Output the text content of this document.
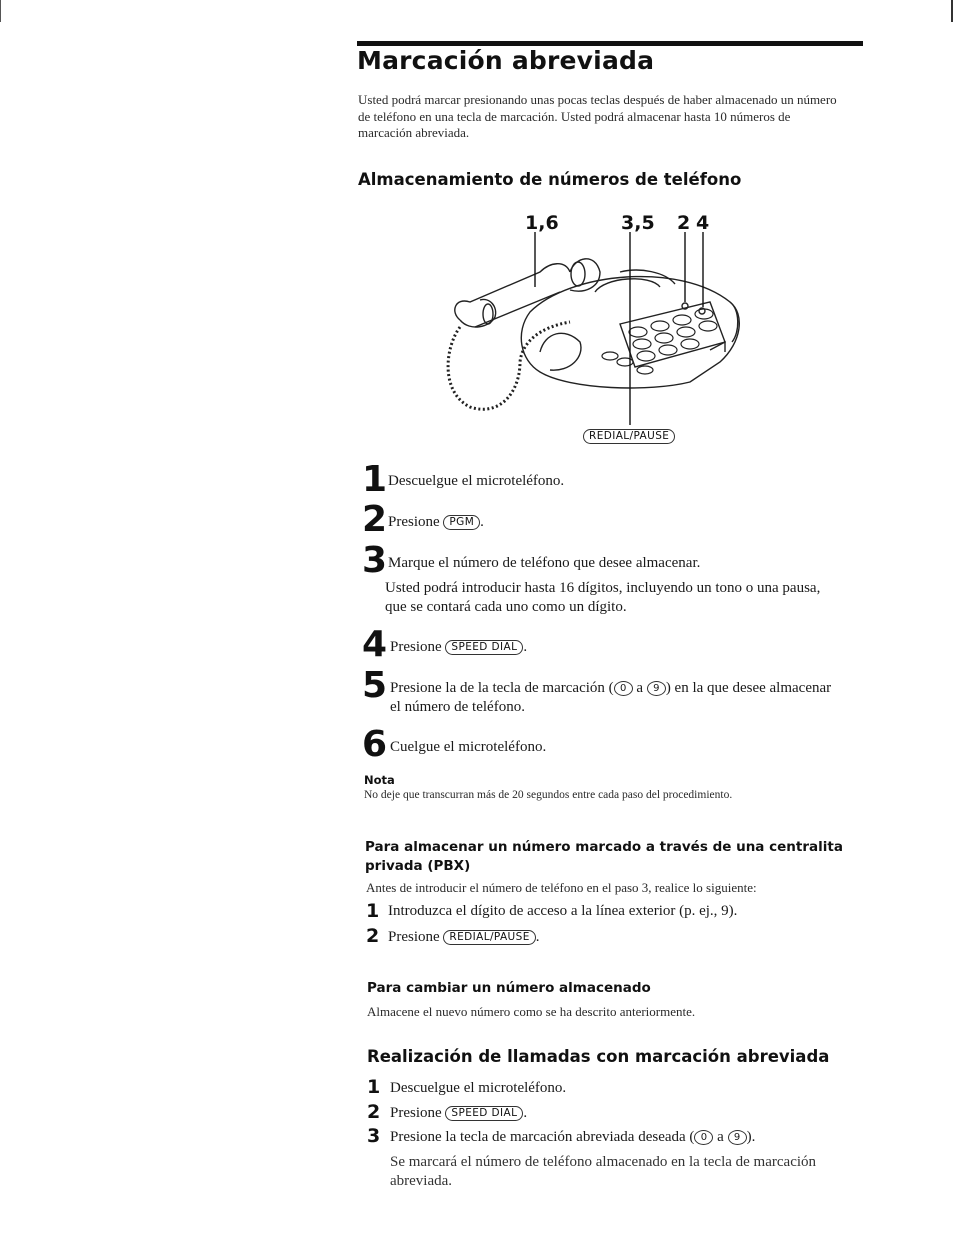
Marcación abreviada
Usted podrá marcar presionando unas pocas teclas después de haber almacenado un número de teléfono en una tecla de marcación. Usted podrá almacenar hasta 10 números de marcación abreviada.
Almacenamiento de números de teléfono
1,6	3,5 2 4
REDIAL/PAUSE
1 Descuelgue el microteléfono.
2 Presione PGM .
3 Marque el número de teléfono que desee almacenar.
Usted podrá introducir hasta 16 dígitos, incluyendo un tono o una pausa, que se contará cada uno como un dígito.
4 Presione SPEED DIAL .
5 Presione la de la tecla de marcación ( 0 a 9 ) en la que desee almacenar el número de teléfono.
6 Cuelgue el microteléfono.
Nota
No deje que transcurran más de 20 segundos entre cada paso del procedimiento.
Para almacenar un número marcado a través de una centralita privada (PBX)
Antes de introducir el número de teléfono en el paso 3, realice lo siguiente:
1 Introduzca el dígito de acceso a la línea exterior (p. ej., 9).
2 Presione REDIAL/PAUSE .
Para cambiar un número almacenado
Almacene el nuevo número como se ha descrito anteriormente.
Realización de llamadas con marcación abreviada
1 Descuelgue el microteléfono.
2 Presione SPEED DIAL .
3 Presione la tecla de marcación abreviada deseada ( 0 a 9 ).
Se marcará el número de teléfono almacenado en la tecla de marcación abreviada.
